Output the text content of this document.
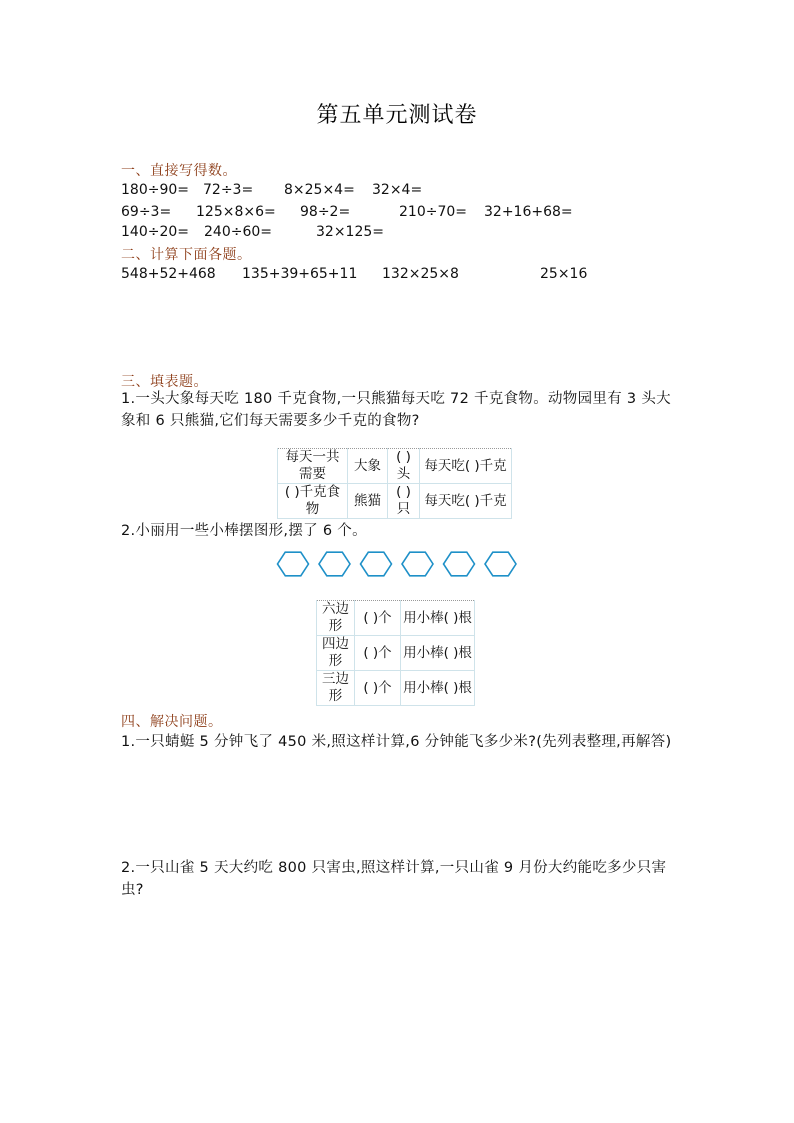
第五单元测试卷
一、直接写得数。
180÷90= 72÷3= 8×25×4= 32×4=
69÷3= 125×8×6= 98÷2=	210÷70= 32+16+68=
140÷20= 240÷60=	32×125=
二、计算下面各题。
548+52+468 135+39+65+11 132×25×8	25×16
三、填表题。
1.一头大象每天吃 180 千克食物,一只熊猫每天吃 72 千克食物。动物园里有 3 头大象和 6 只熊猫,它们每天需要多少千克的食物?
每天一共需要	大象	( )头	每天吃( )千克
( )千克食物	熊猫	( )只	每天吃( )千克
2.小丽用一些小棒摆图形,摆了 6 个。
六边形	( )个	用小棒( )根
四边形	( )个	用小棒( )根
三边形	( )个	用小棒( )根
四、解决问题。
1.一只蜻蜓 5 分钟飞了 450 米,照这样计算,6 分钟能飞多少米?(先列表整理,再解答)
2.一只山雀 5 天大约吃 800 只害虫,照这样计算,一只山雀 9 月份大约能吃多少只害虫?
